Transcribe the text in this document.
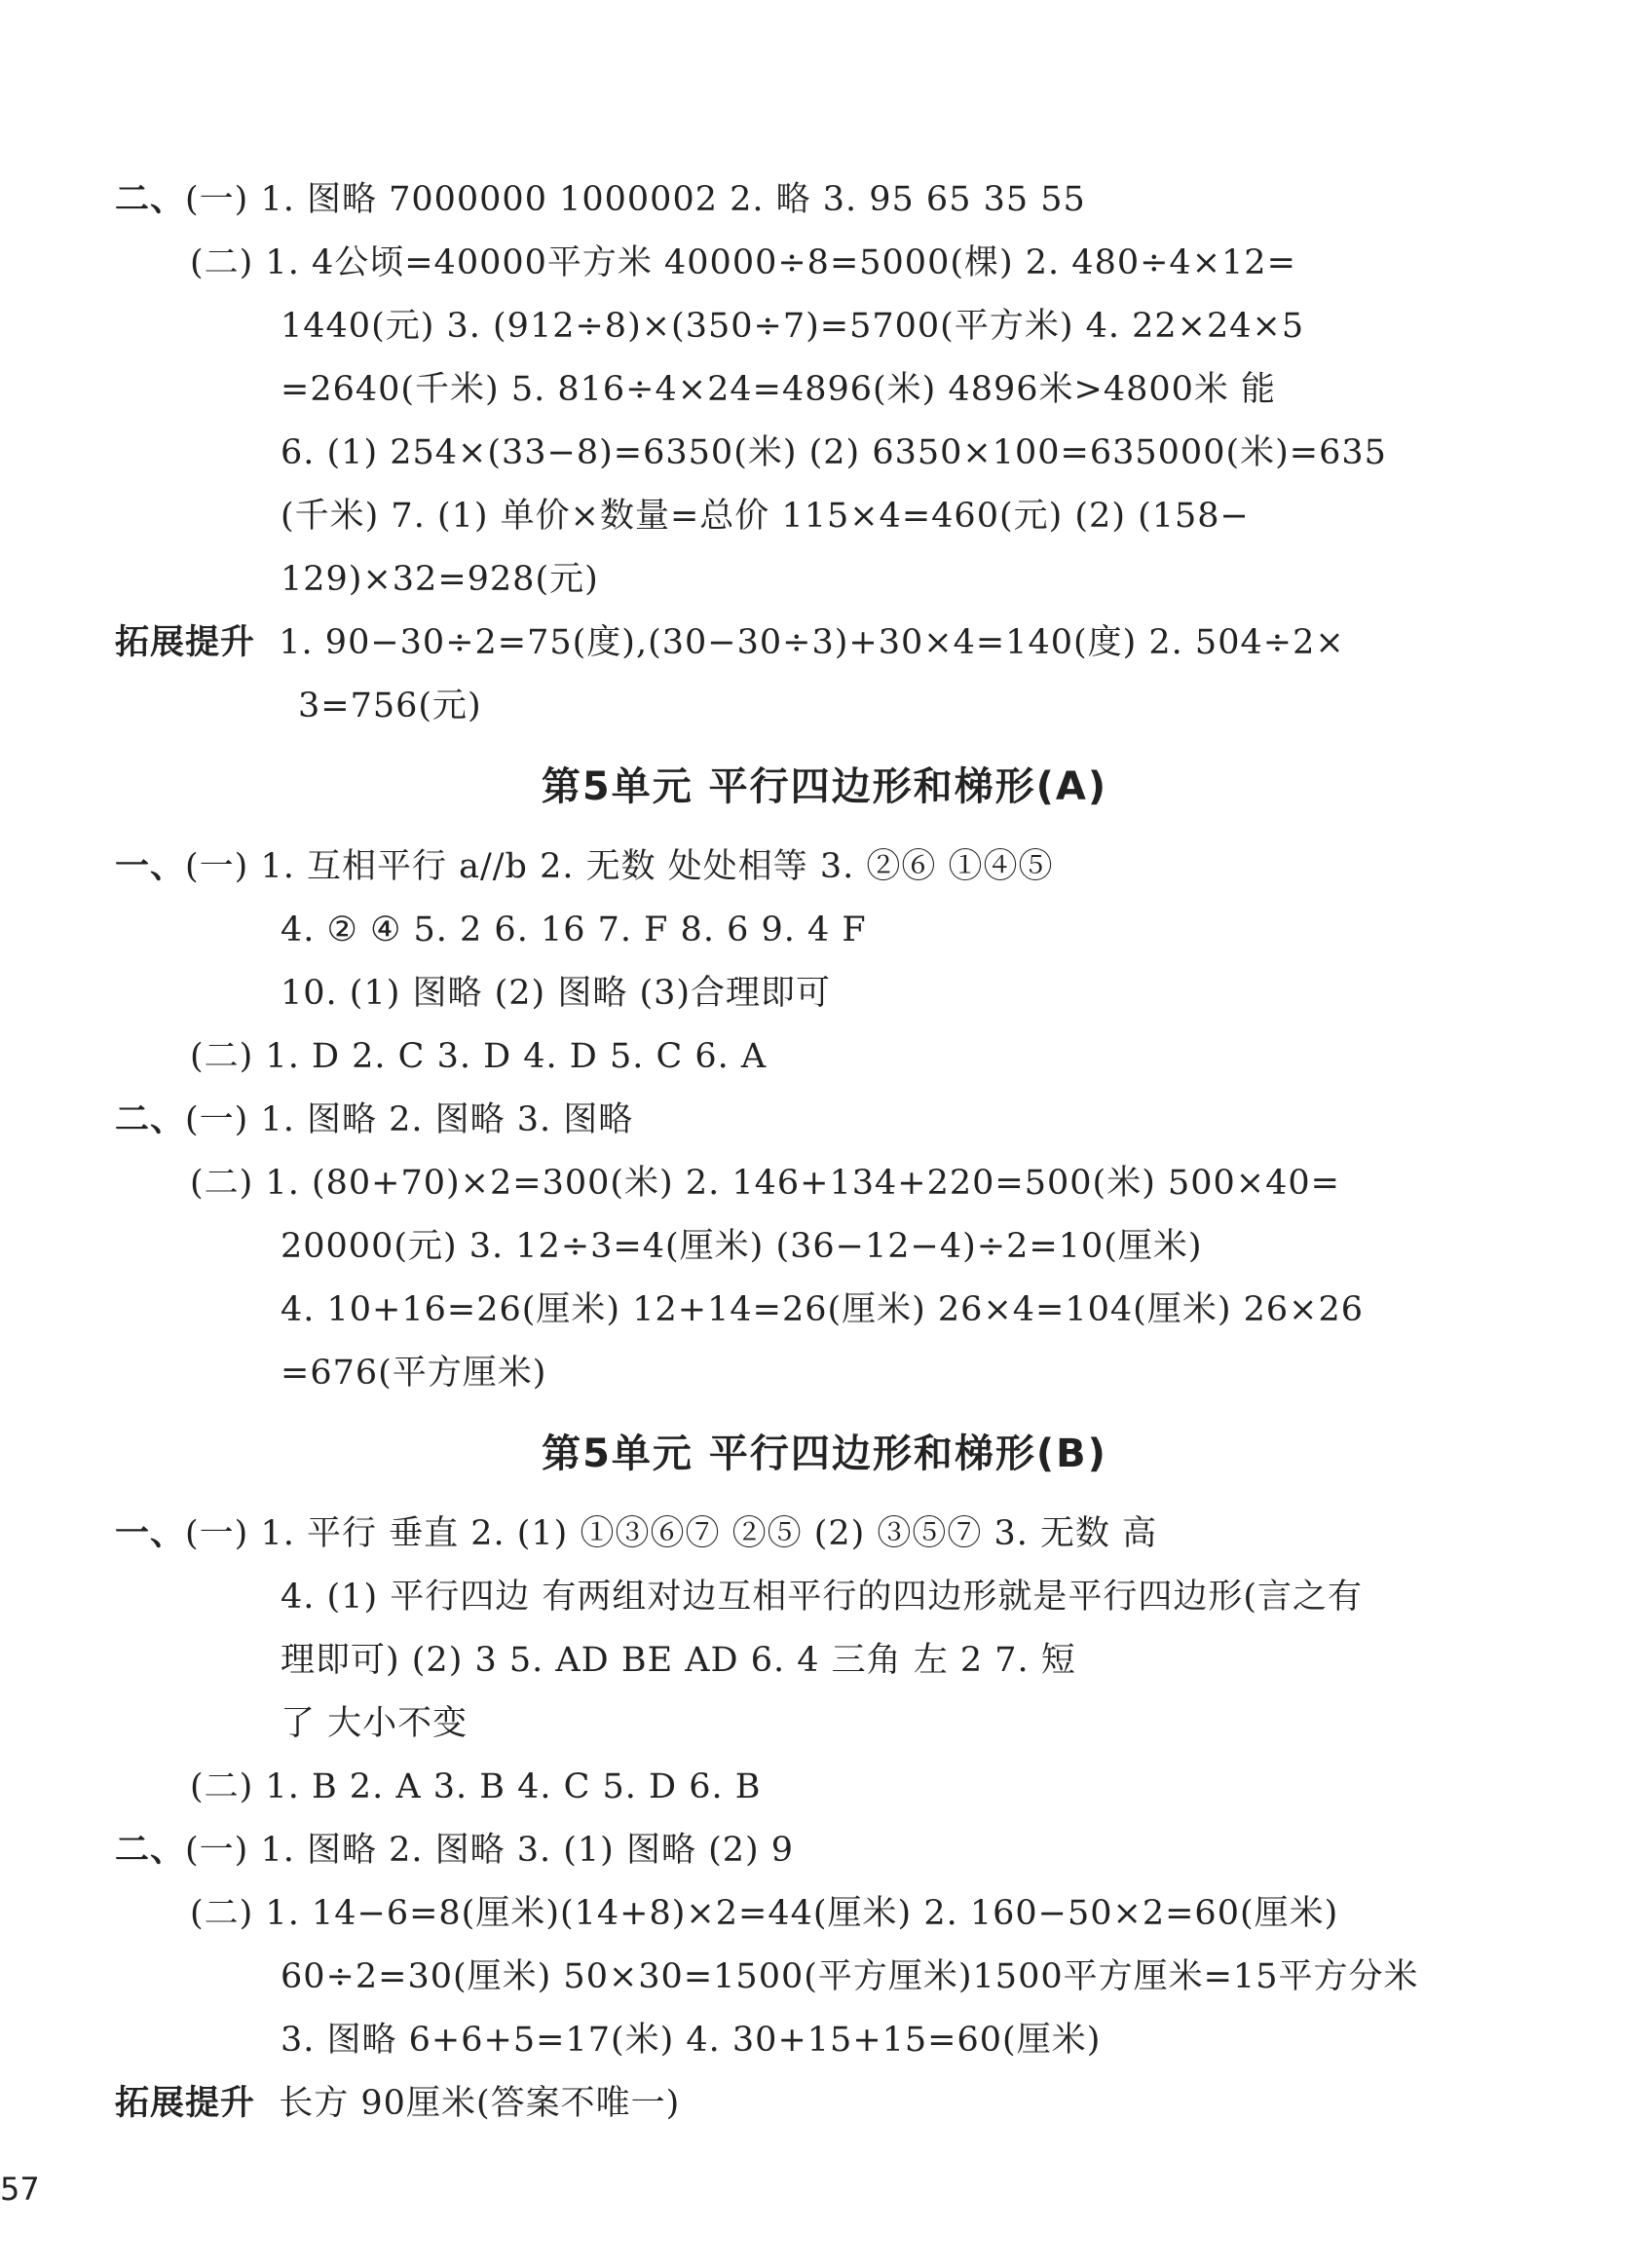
二、(一) 1. 图略 7000000 1000002 2. 略 3. 95 65 35 55
(二) 1. 4公顷=40000平方米 40000÷8=5000(棵) 2. 480÷4×12=
1440(元) 3. (912÷8)×(350÷7)=5700(平方米) 4. 22×24×5
=2640(千米) 5. 816÷4×24=4896(米) 4896米>4800米 能
6. (1) 254×(33−8)=6350(米) (2) 6350×100=635000(米)=635
(千米) 7. (1) 单价×数量=总价 115×4=460(元) (2) (158−
129)×32=928(元)
拓展提升 1. 90−30÷2=75(度),(30−30÷3)+30×4=140(度) 2. 504÷2×
3=756(元)
第5单元 平行四边形和梯形(A)
一、(一) 1. 互相平行 a//b 2. 无数 处处相等 3. ②⑥ ①④⑤
4. ② ④ 5. 2 6. 16 7. F 8. 6 9. 4 F
10. (1) 图略 (2) 图略 (3)合理即可
(二) 1. D 2. C 3. D 4. D 5. C 6. A
二、(一) 1. 图略 2. 图略 3. 图略
(二) 1. (80+70)×2=300(米) 2. 146+134+220=500(米) 500×40=
20000(元) 3. 12÷3=4(厘米) (36−12−4)÷2=10(厘米)
4. 10+16=26(厘米) 12+14=26(厘米) 26×4=104(厘米) 26×26
=676(平方厘米)
第5单元 平行四边形和梯形(B)
一、(一) 1. 平行 垂直 2. (1) ①③⑥⑦ ②⑤ (2) ③⑤⑦ 3. 无数 高
4. (1) 平行四边 有两组对边互相平行的四边形就是平行四边形(言之有
理即可) (2) 3 5. AD BE AD 6. 4 三角 左 2 7. 短
了 大小不变
(二) 1. B 2. A 3. B 4. C 5. D 6. B
二、(一) 1. 图略 2. 图略 3. (1) 图略 (2) 9
(二) 1. 14−6=8(厘米)(14+8)×2=44(厘米) 2. 160−50×2=60(厘米)
60÷2=30(厘米) 50×30=1500(平方厘米)1500平方厘米=15平方分米
3. 图略 6+6+5=17(米) 4. 30+15+15=60(厘米)
拓展提升 长方 90厘米(答案不唯一)
57
